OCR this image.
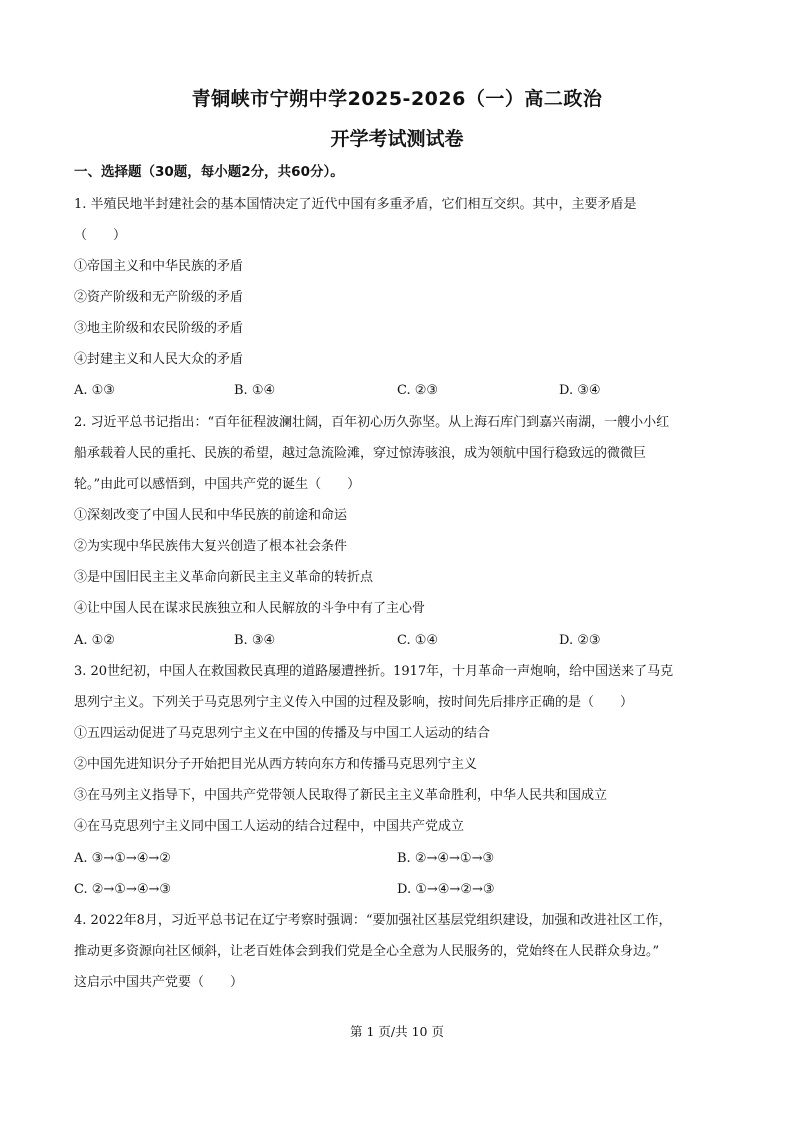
青铜峡市宁朔中学2025-2026（一）高二政治
开学考试测试卷
一、选择题（30题，每小题2分，共60分）。
1. 半殖民地半封建社会的基本国情决定了近代中国有多重矛盾，它们相互交织。其中，主要矛盾是
（　　）
①帝国主义和中华民族的矛盾
②资产阶级和无产阶级的矛盾
③地主阶级和农民阶级的矛盾
④封建主义和人民大众的矛盾
A. ①③	B. ①④	C. ②③	D. ③④
2. 习近平总书记指出：“百年征程波澜壮阔，百年初心历久弥坚。从上海石库门到嘉兴南湖，一艘小小红
船承载着人民的重托、民族的希望，越过急流险滩，穿过惊涛骇浪，成为领航中国行稳致远的微微巨
轮。”由此可以感悟到，中国共产党的诞生（　　）
①深刻改变了中国人民和中华民族的前途和命运
②为实现中华民族伟大复兴创造了根本社会条件
③是中国旧民主主义革命向新民主主义革命的转折点
④让中国人民在谋求民族独立和人民解放的斗争中有了主心骨
A. ①②	B. ③④	C. ①④	D. ②③
3. 20世纪初，中国人在救国救民真理的道路屡遭挫折。1917年，十月革命一声炮响，给中国送来了马克
思列宁主义。下列关于马克思列宁主义传入中国的过程及影响，按时间先后排序正确的是（　　）
①五四运动促进了马克思列宁主义在中国的传播及与中国工人运动的结合
②中国先进知识分子开始把目光从西方转向东方和传播马克思列宁主义
③在马列主义指导下，中国共产党带领人民取得了新民主主义革命胜利，中华人民共和国成立
④在马克思列宁主义同中国工人运动的结合过程中，中国共产党成立
A. ③→①→④→②	B. ②→④→①→③
C. ②→①→④→③	D. ①→④→②→③
4. 2022年8月，习近平总书记在辽宁考察时强调：“要加强社区基层党组织建设，加强和改进社区工作，
推动更多资源向社区倾斜，让老百姓体会到我们党是全心全意为人民服务的，党始终在人民群众身边。”
这启示中国共产党要（　　）
第 1 页/共 10 页
